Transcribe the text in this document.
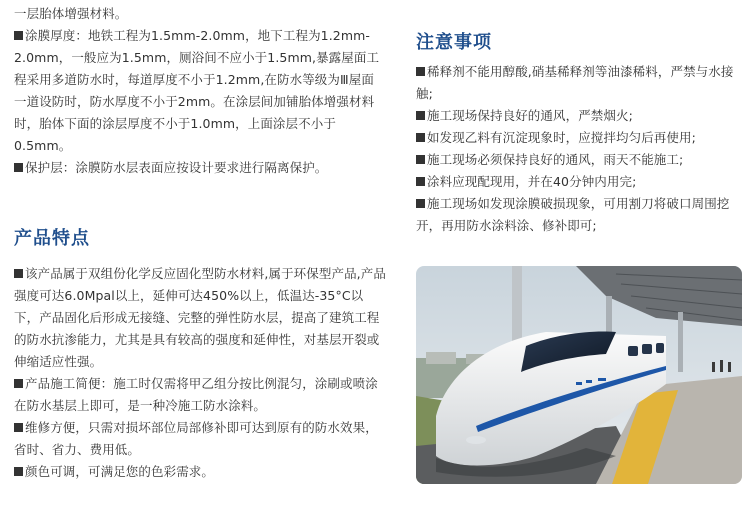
一层胎体增强材料。

涂膜厚度：地铁工程为1.5mm-2.0mm，地下工程为1.2mm-2.0mm，一般应为1.5mm，厕浴间不应小于1.5mm,暴露屋面工程采用多道防水时，每道厚度不小于1.2mm,在防水等级为Ⅲ屋面一道设防时，防水厚度不小于2mm。在涂层间加铺胎体增强材料时，胎体下面的涂层厚度不小于1.0mm，上面涂层不小于0.5mm。

保护层：涂膜防水层表面应按设计要求进行隔离保护。

产品特点

该产品属于双组份化学反应固化型防水材料,属于环保型产品,产品强度可达6.0Mpal以上，延伸可达450%以上，低温达-35°C以下，产品固化后形成无接缝、完整的弹性防水层，提高了建筑工程的防水抗渗能力，尤其是具有较高的强度和延伸性，对基层开裂或伸缩适应性强。

产品施工简便：施工时仅需将甲乙组分按比例混匀，涂刷或喷涂在防水基层上即可，是一种冷施工防水涂料。

维修方便，只需对损坏部位局部修补即可达到原有的防水效果，省时、省力、费用低。

颜色可调，可满足您的色彩需求。

注意事项

稀释剂不能用醇酸,硝基稀释剂等油漆稀料，严禁与水接触;

施工现场保持良好的通风，严禁烟火;

如发现乙料有沉淀现象时，应搅拌均匀后再使用;

施工现场必须保持良好的通风，雨天不能施工;

涂料应现配现用，并在40分钟内用完;

施工现场如发现涂膜破损现象，可用割刀将破口周围挖开，再用防水涂料涂、修补即可;
